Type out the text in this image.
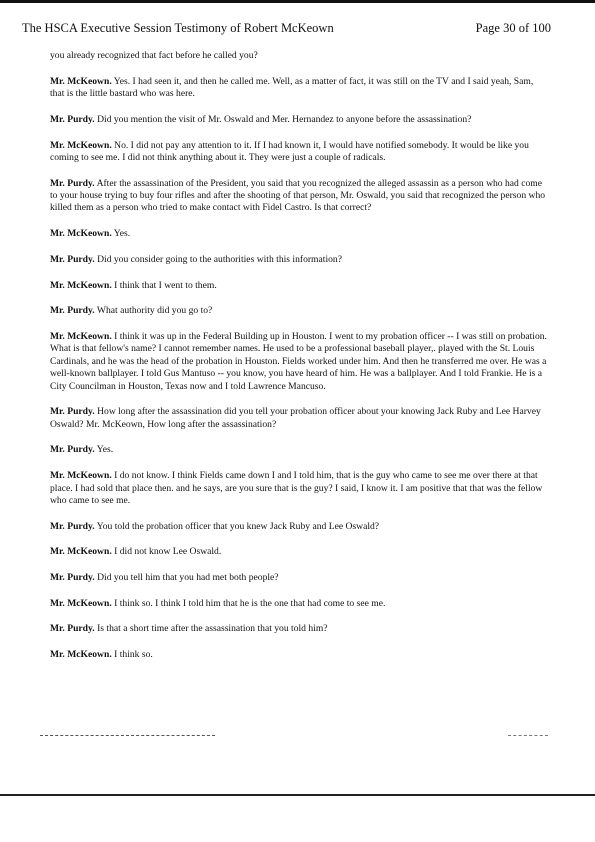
The HSCA Executive Session Testimony of Robert McKeown	Page 30 of 100

you already recognized that fact before he called you?

Mr. McKeown. Yes. I had seen it, and then he called me. Well, as a matter of fact, it was still on the TV and I said yeah, Sam, that is the little bastard who was here.

Mr. Purdy. Did you mention the visit of Mr. Oswald and Mer. Hernandez to anyone before the assassination?

Mr. McKeown. No. I did not pay any attention to it. If I had known it, I would have notified somebody. It would be like you coming to see me. I did not think anything about it. They were just a couple of radicals.

Mr. Purdy. After the assassination of the President, you said that you recognized the alleged assassin as a person who had come to your house trying to buy four rifles and after the shooting of that person, Mr. Oswald, you said that recognized the person who killed them as a person who tried to make contact with Fidel Castro. Is that correct?

Mr. McKeown. Yes.

Mr. Purdy. Did you consider going to the authorities with this information?

Mr. McKeown. I think that I went to them.

Mr. Purdy. What authority did you go to?

Mr. McKeown. I think it was up in the Federal Building up in Houston. I went to my probation officer -- I was still on probation. What is that fellow's name? I cannot remember names. He used to be a professional baseball player,. played with the St. Louis Cardinals, and he was the head of the probation in Houston. Fields worked under him. And then he transferred me over. He was a well-known ballplayer. I told Gus Mantuso -- you know, you have heard of him. He was a ballplayer. And I told Frankie. He is a City Councilman in Houston, Texas now and I told Lawrence Mancuso.

Mr. Purdy. How long after the assassination did you tell your probation officer about your knowing Jack Ruby and Lee Harvey Oswald? Mr. McKeown, How long after the assassination?

Mr. Purdy. Yes.

Mr. McKeown. I do not know. I think Fields came down I and I told him, that is the guy who came to see me over there at that place. I had sold that place then. and he says, are you sure that is the guy? I said, I know it. I am positive that that was the fellow who came to see me.

Mr. Purdy. You told the probation officer that you knew Jack Ruby and Lee Oswald?

Mr. McKeown. I did not know Lee Oswald.

Mr. Purdy. Did you tell him that you had met both people?

Mr. McKeown. I think so. I think I told him that he is the one that had come to see me.

Mr. Purdy. Is that a short time after the assassination that you told him?

Mr. McKeown. I think so.
